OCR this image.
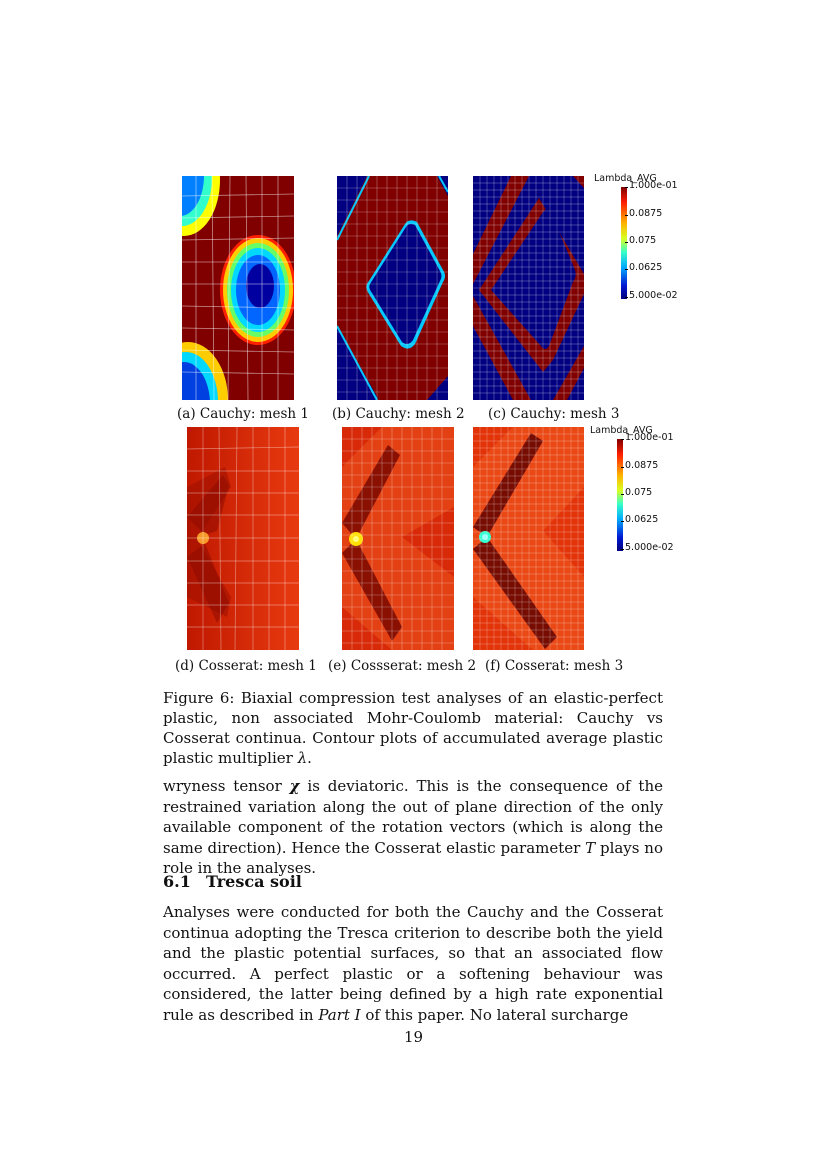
Lambda_AVG
1.000e-01
0.0875
0.075
0.0625
5.000e-02
(a) Cauchy: mesh 1 (b) Cauchy: mesh 2 (c) Cauchy: mesh 3
Lambda_AVG
1.000e-01
0.0875
0.075
0.0625
5.000e-02
(d) Cosserat: mesh 1 (e) Cossserat: mesh 2 (f) Cosserat: mesh 3
Figure 6: Biaxial compression test analyses of an elastic-perfect plastic, non associated Mohr-Coulomb material: Cauchy vs Cosserat continua. Contour plots of accumulated average plastic plastic multiplier λ.
wryness tensor χ is deviatoric. This is the consequence of the restrained variation along the out of plane direction of the only available component of the rotation vectors (which is along the same direction). Hence the Cosserat elastic parameter T plays no role in the analyses.
6.1 Tresca soil
Analyses were conducted for both the Cauchy and the Cosserat continua adopting the Tresca criterion to describe both the yield and the plastic potential surfaces, so that an associated flow occurred. A perfect plastic or a softening behaviour was considered, the latter being defined by a high rate exponential rule as described in Part I of this paper. No lateral surcharge
19
